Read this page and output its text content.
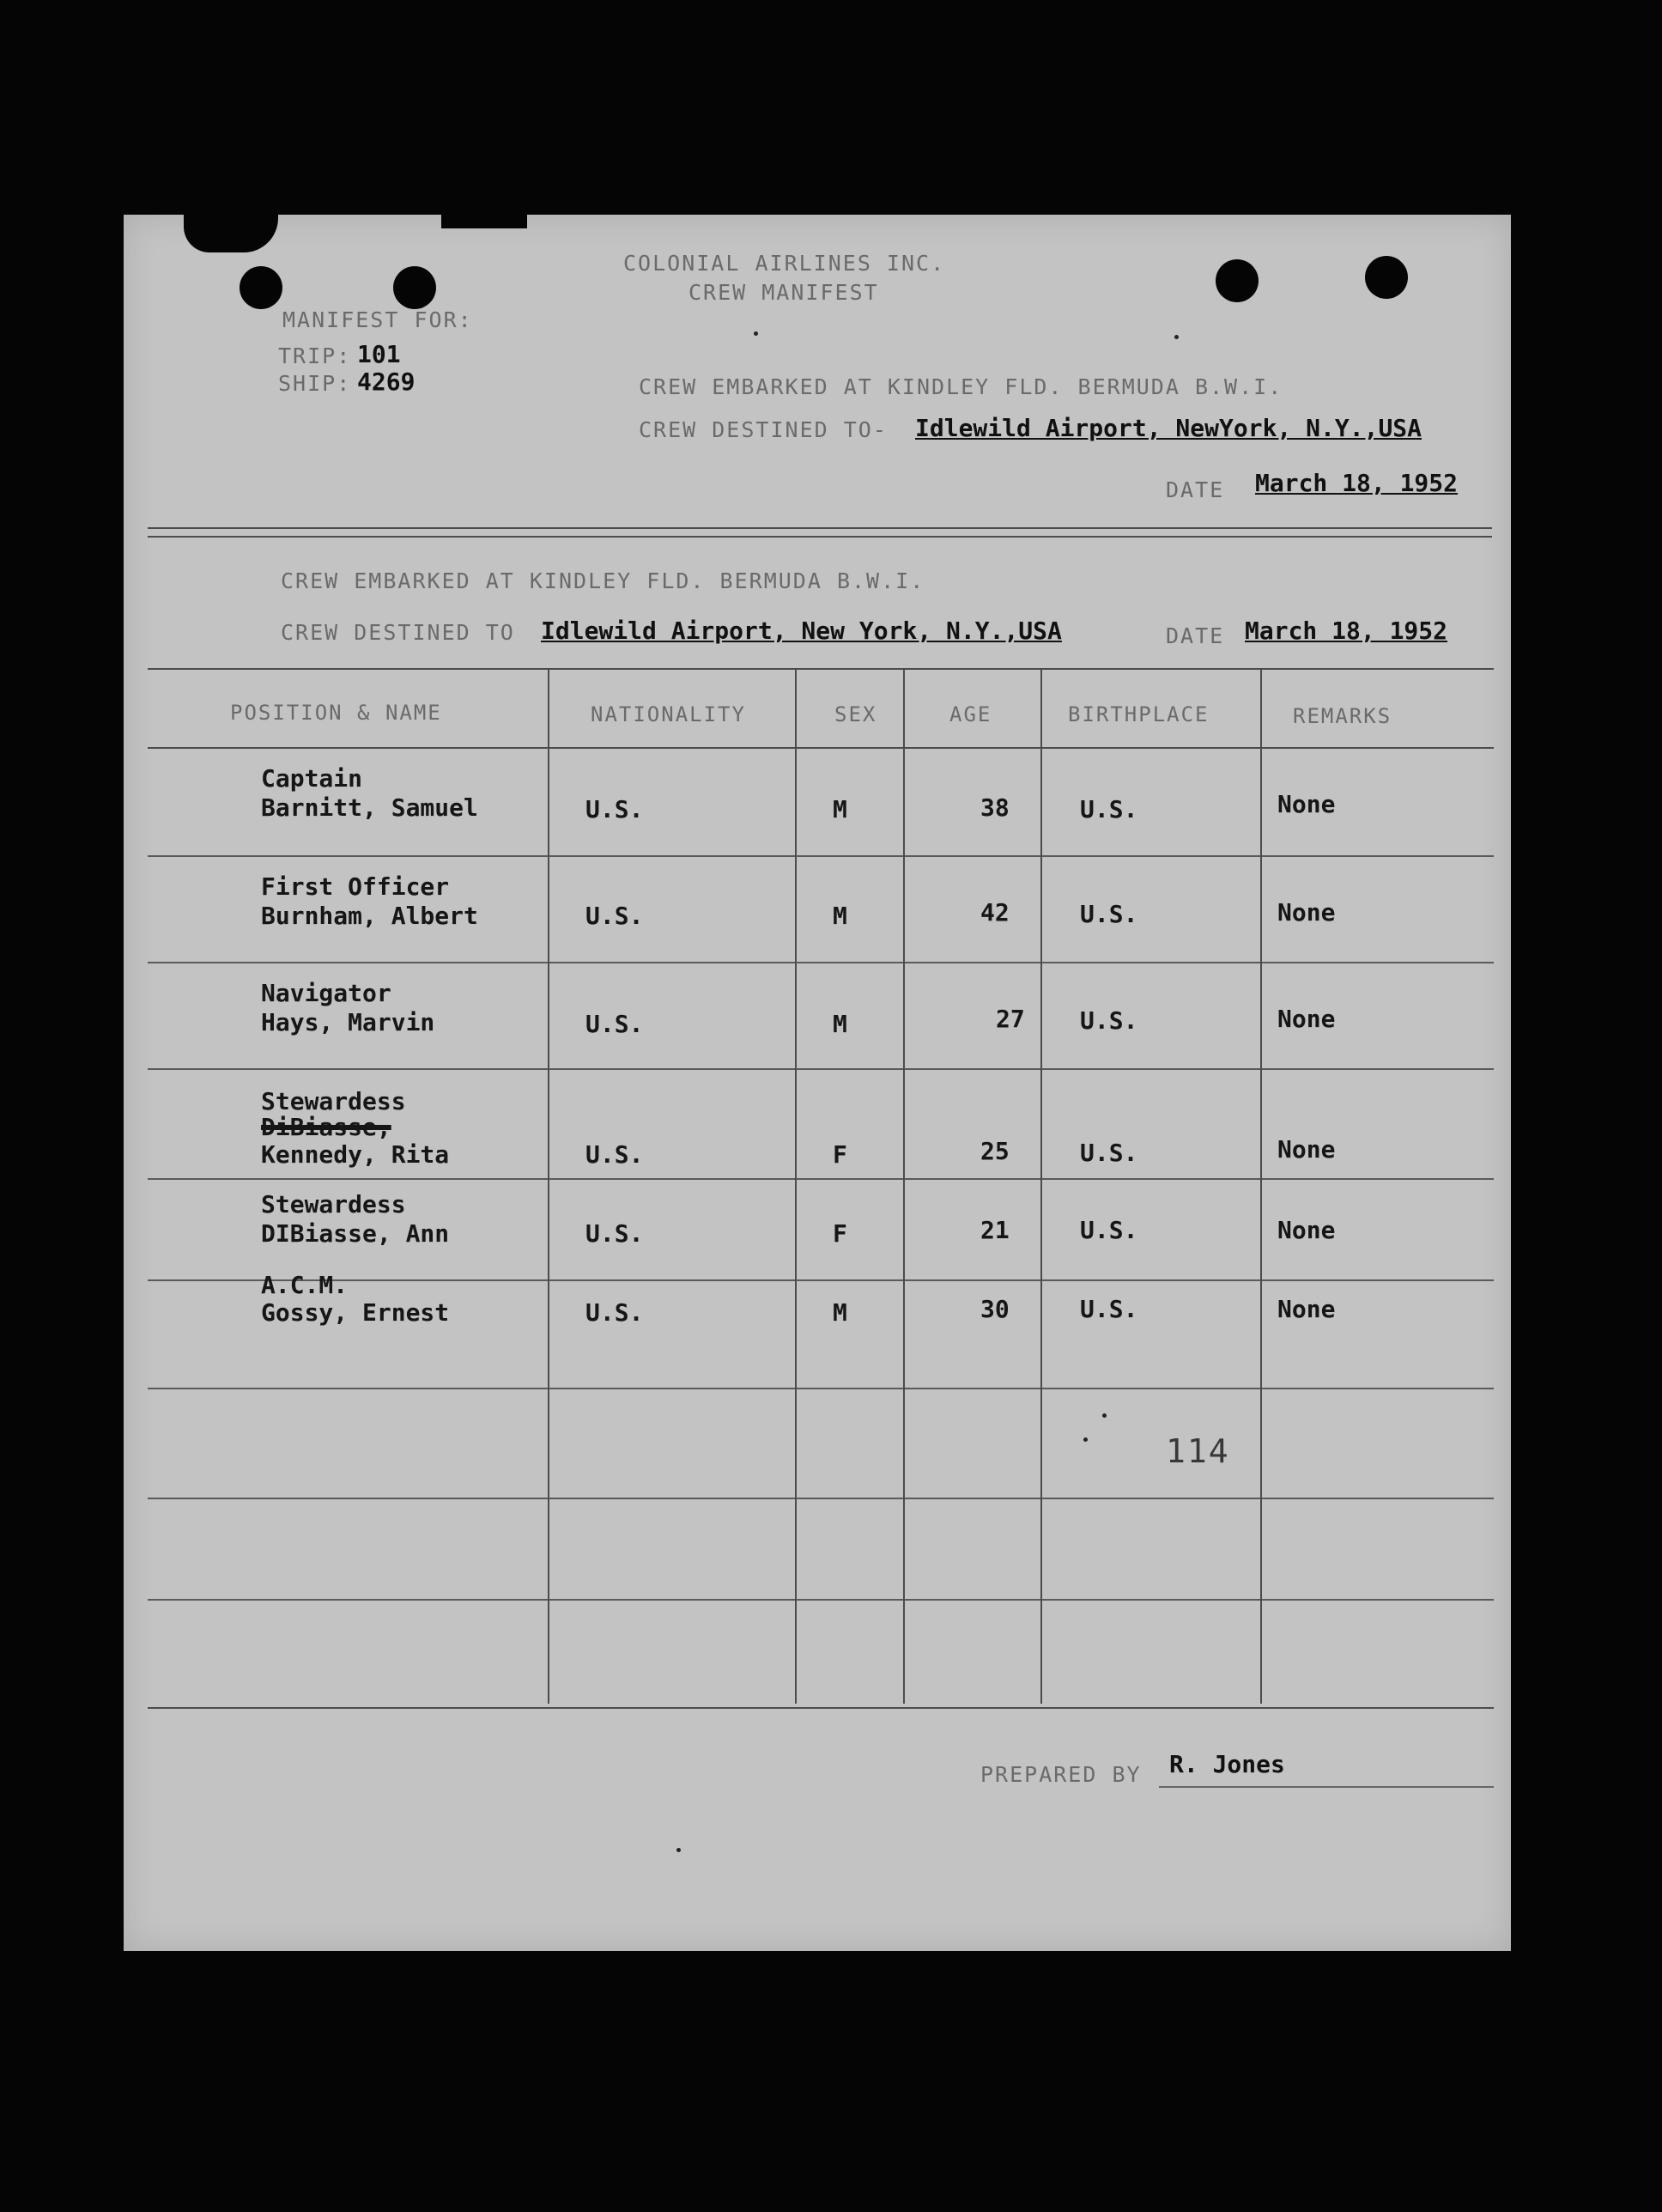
COLONIAL AIRLINES INC.
CREW MANIFEST
MANIFEST FOR:
TRIP: 101
SHIP: 4269	CREW EMBARKED AT KINDLEY FLD. BERMUDA B.W.I.
CREW DESTINED TO- Idlewild Airport, NewYork, N.Y.,USA
DATE March 18, 1952
CREW EMBARKED AT KINDLEY FLD. BERMUDA B.W.I.
CREW DESTINED TO Idlewild Airport, New York, N.Y.,USA	DATE March 18, 1952
POSITION & NAME	NATIONALITY	SEX	AGE	BIRTHPLACE	REMARKS
Captain
Barnitt, Samuel	U.S.	M	38	U.S.	None
First Officer
Burnham, Albert	U.S.	M	42	U.S.	None
Navigator
Hays, Marvin	U.S.	M	27 U.S.	None
Stewardess
DiBiasse,
Kennedy, Rita	U.S.	F	25	U.S.	None
Stewardess
DIBiasse, Ann	U.S.	F	21	U.S.	None
A.C.M.
Gossy, Ernest	U.S.	M	30	U.S.	None
114
PREPARED BY R. Jones
